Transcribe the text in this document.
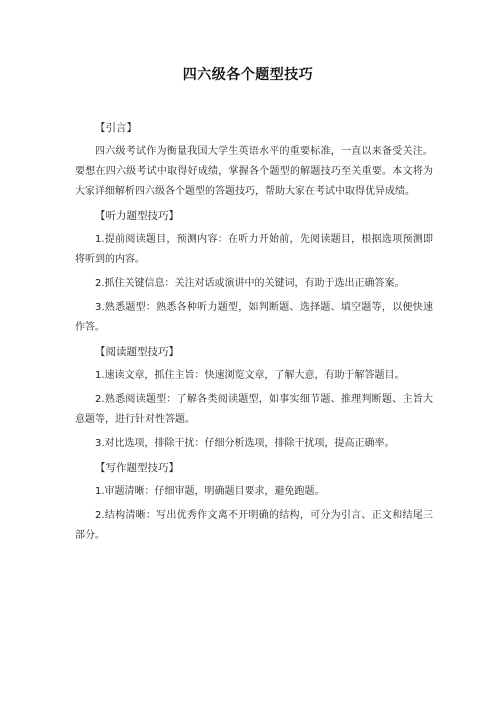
四六级各个题型技巧
【引言】

四六级考试作为衡量我国大学生英语水平的重要标准，一直以来备受关注。要想在四六级考试中取得好成绩，掌握各个题型的解题技巧至关重要。本文将为大家详细解析四六级各个题型的答题技巧，帮助大家在考试中取得优异成绩。

【听力题型技巧】

1.提前阅读题目，预测内容：在听力开始前，先阅读题目，根据选项预测即将听到的内容。

2.抓住关键信息：关注对话或演讲中的关键词，有助于选出正确答案。

3.熟悉题型：熟悉各种听力题型，如判断题、选择题、填空题等，以便快速作答。

【阅读题型技巧】

1.速读文章，抓住主旨：快速浏览文章，了解大意，有助于解答题目。

2.熟悉阅读题型：了解各类阅读题型，如事实细节题、推理判断题、主旨大意题等，进行针对性答题。

3.对比选项，排除干扰：仔细分析选项，排除干扰项，提高正确率。

【写作题型技巧】

1.审题清晰：仔细审题，明确题目要求，避免跑题。

2.结构清晰：写出优秀作文离不开明确的结构，可分为引言、正文和结尾三部分。
